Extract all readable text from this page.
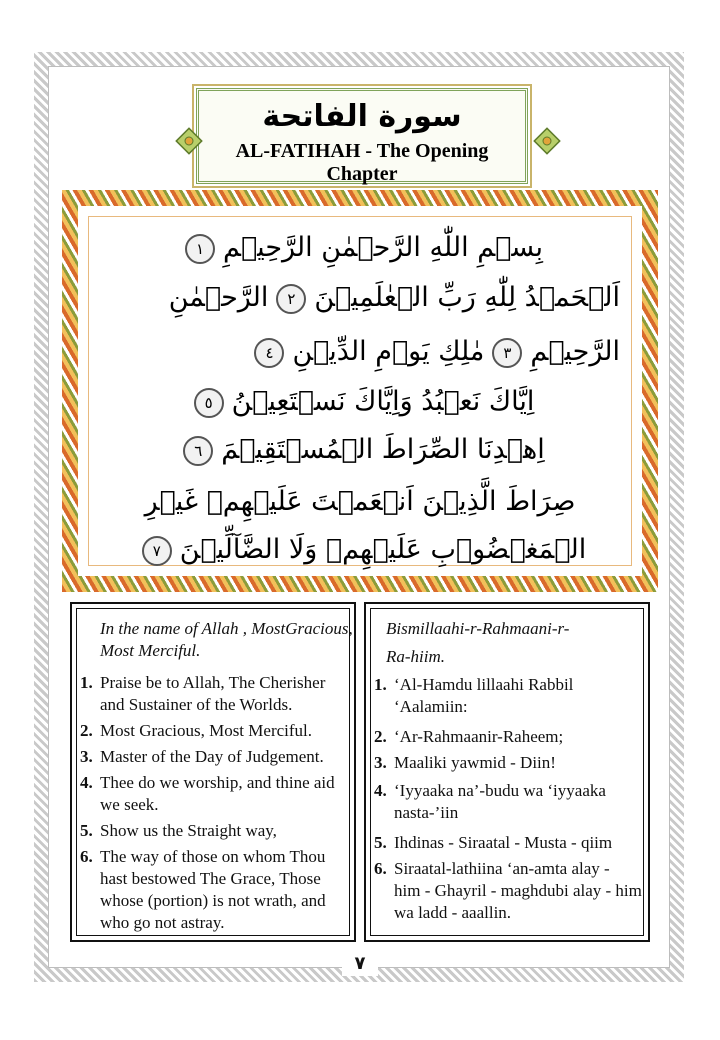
سورة الفاتحة
AL-FATIHAH - The Opening Chapter
بِسۡمِ اللّٰهِ الرَّحۡمٰنِ الرَّحِيۡمِ١
اَلۡحَمۡدُ لِلّٰهِ رَبِّ الۡعٰلَمِيۡنَ٢الرَّحۡمٰنِ
الرَّحِيۡمِ٣مٰلِكِ يَوۡمِ الدِّيۡنِ٤
اِيَّاكَ نَعۡبُدُ وَاِيَّاكَ نَسۡتَعِيۡنُ٥
اِهۡدِنَا الصِّرَاطَ الۡمُسۡتَقِيۡمَ٦
صِرَاطَ الَّذِيۡنَ اَنۡعَمۡتَ عَلَيۡهِمۡ غَيۡرِ
الۡمَغۡضُوۡبِ عَلَيۡهِمۡ وَلَا الضَّآلِّيۡنَ٧
In the name of Allah , MostGracious,
Most Merciful.
1. Praise be to Allah, The Cherisher
and Sustainer of the Worlds.
2. Most Gracious, Most Merciful.
3. Master of the Day of Judgement.
4. Thee do we worship, and thine aid
we seek.
5. Show us the Straight way,
6. The way of those on whom Thou
hast bestowed The Grace, Those
whose (portion) is not wrath, and
who go not astray.
Bismillaahi-r-Rahmaani-r-
Ra-hiim.
1. ‘Al-Hamdu lillaahi Rabbil
‘Aalamiin:
2. ‘Ar-Rahmaanir-Raheem;
3. Maaliki yawmid - Diin!
4. ‘Iyyaaka na’-budu wa ‘iyyaaka
nasta-’iin
5. Ihdinas - Siraatal - Musta - qiim
6. Siraatal-lathiina ‘an-amta alay -
him - Ghayril - maghdubi alay - him
wa ladd - aaallin.
٧
